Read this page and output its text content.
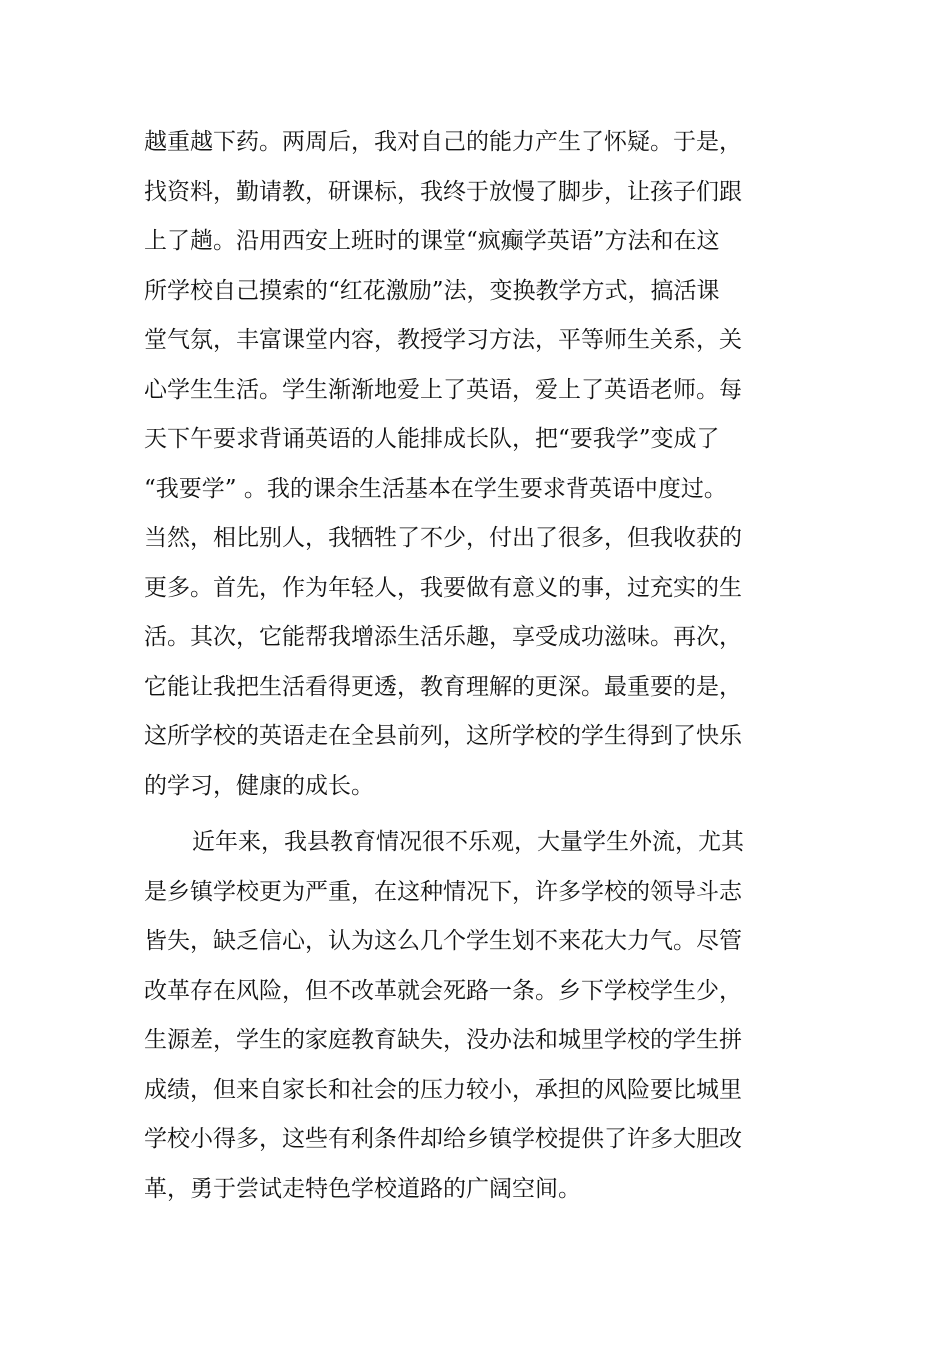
越重越下药。两周后，我对自己的能力产生了怀疑。于是，
找资料，勤请教，研课标，我终于放慢了脚步，让孩子们跟
上了趟。沿用西安上班时的课堂“疯癫学英语”方法和在这
所学校自己摸索的“红花激励”法，变换教学方式，搞活课
堂气氛，丰富课堂内容，教授学习方法，平等师生关系，关
心学生生活。学生渐渐地爱上了英语，爱上了英语老师。每
天下午要求背诵英语的人能排成长队，把“要我学”变成了
“我要学” 。我的课余生活基本在学生要求背英语中度过。
当然，相比别人，我牺牲了不少，付出了很多，但我收获的
更多。首先，作为年轻人，我要做有意义的事，过充实的生
活。其次，它能帮我增添生活乐趣，享受成功滋味。再次，
它能让我把生活看得更透，教育理解的更深。最重要的是，
这所学校的英语走在全县前列，这所学校的学生得到了快乐
的学习，健康的成长。
近年来，我县教育情况很不乐观，大量学生外流，尤其
是乡镇学校更为严重，在这种情况下，许多学校的领导斗志
皆失，缺乏信心，认为这么几个学生划不来花大力气。尽管
改革存在风险，但不改革就会死路一条。乡下学校学生少，
生源差，学生的家庭教育缺失，没办法和城里学校的学生拼
成绩，但来自家长和社会的压力较小，承担的风险要比城里
学校小得多，这些有利条件却给乡镇学校提供了许多大胆改
革，勇于尝试走特色学校道路的广阔空间。
